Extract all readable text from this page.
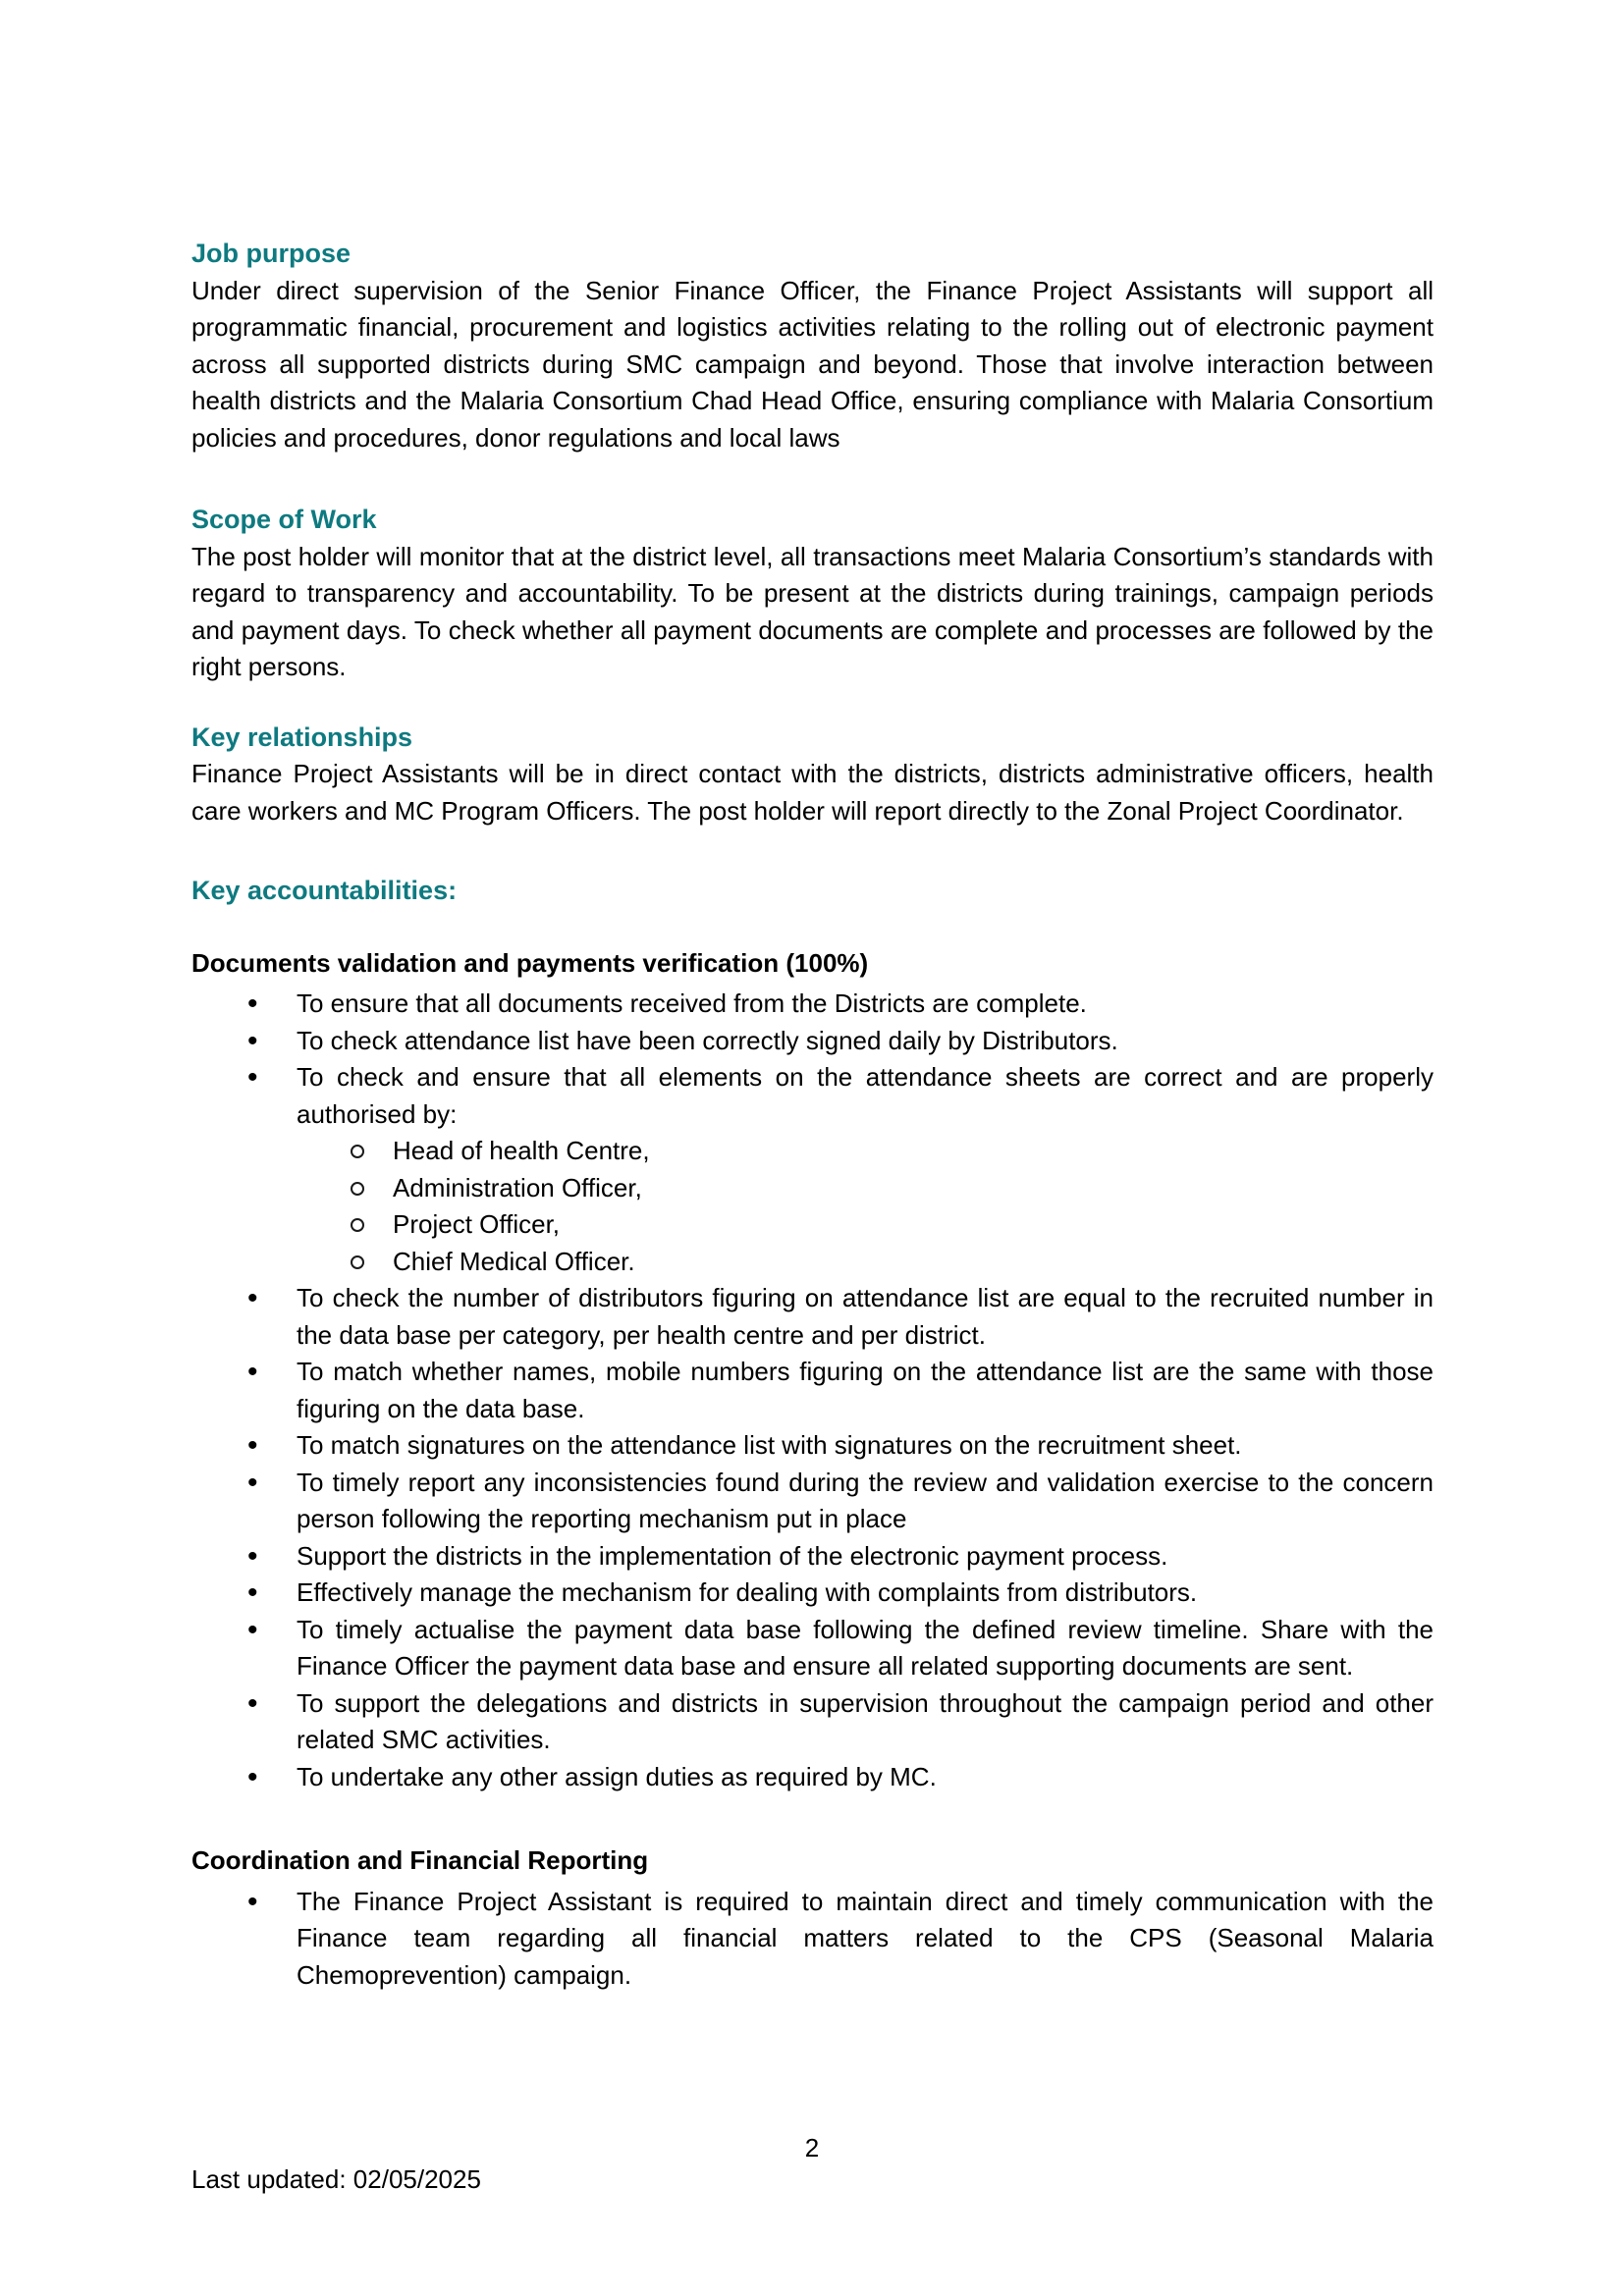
Job purpose

Under direct supervision of the Senior Finance Officer, the Finance Project Assistants will support all programmatic financial, procurement and logistics activities relating to the rolling out of electronic payment across all supported districts during SMC campaign and beyond. Those that involve interaction between health districts and the Malaria Consortium Chad Head Office, ensuring compliance with Malaria Consortium policies and procedures, donor regulations and local laws

Scope of Work

The post holder will monitor that at the district level, all transactions meet Malaria Consortium’s standards with regard to transparency and accountability. To be present at the districts during trainings, campaign periods and payment days. To check whether all payment documents are complete and processes are followed by the right persons.

Key relationships

Finance Project Assistants will be in direct contact with the districts, districts administrative officers, health care workers and MC Program Officers. The post holder will report directly to the Zonal Project Coordinator.

Key accountabilities:
Documents validation and payments verification (100%)
• To ensure that all documents received from the Districts are complete.
• To check attendance list have been correctly signed daily by Distributors.
• To check and ensure that all elements on the attendance sheets are correct and are properly authorised by:
Head of health Centre,
Administration Officer,
Project Officer,
Chief Medical Officer.
• To check the number of distributors figuring on attendance list are equal to the recruited number in the data base per category, per health centre and per district.
• To match whether names, mobile numbers figuring on the attendance list are the same with those figuring on the data base.
• To match signatures on the attendance list with signatures on the recruitment sheet.
• To timely report any inconsistencies found during the review and validation exercise to the concern person following the reporting mechanism put in place
• Support the districts in the implementation of the electronic payment process.
• Effectively manage the mechanism for dealing with complaints from distributors.
• To timely actualise the payment data base following the defined review timeline. Share with the Finance Officer the payment data base and ensure all related supporting documents are sent.
• To support the delegations and districts in supervision throughout the campaign period and other related SMC activities.
• To undertake any other assign duties as required by MC.
Coordination and Financial Reporting
• The Finance Project Assistant is required to maintain direct and timely communication with the Finance team regarding all financial matters related to the CPS (Seasonal Malaria Chemoprevention) campaign.
2
Last updated: 02/05/2025
